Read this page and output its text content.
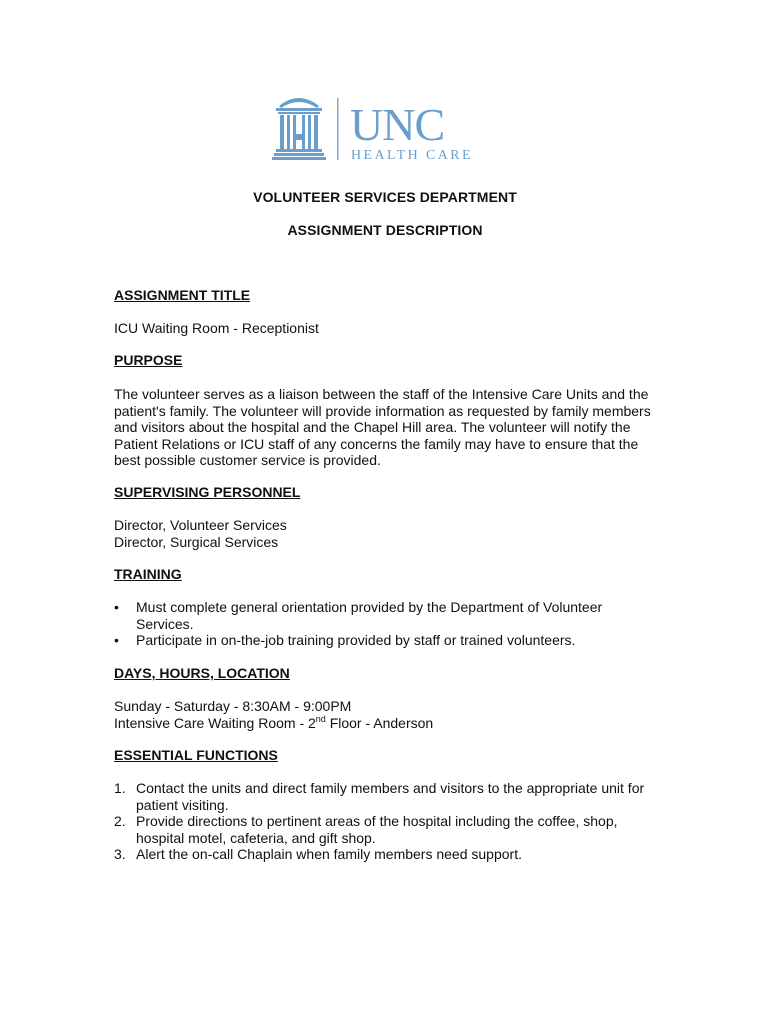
UNC
HEALTH CARE
VOLUNTEER SERVICES DEPARTMENT
ASSIGNMENT DESCRIPTION
ASSIGNMENT TITLE
ICU Waiting Room - Receptionist
PURPOSE

The volunteer serves as a liaison between the staff of the Intensive Care Units and the

patient's family. The volunteer will provide information as requested by family members

and visitors about the hospital and the Chapel Hill area. The volunteer will notify the

Patient Relations or ICU staff of any concerns the family may have to ensure that the

best possible customer service is provided.

SUPERVISING PERSONNEL

Director, Volunteer Services

Director, Surgical Services

TRAINING
• Must complete general orientation provided by the Department of Volunteer
Services.
• Participate in on-the-job training provided by staff or trained volunteers.
DAYS, HOURS, LOCATION

Sunday - Saturday - 8:30AM - 9:00PM

Intensive Care Waiting Room - 2nd Floor - Anderson

ESSENTIAL FUNCTIONS
1. Contact the units and direct family members and visitors to the appropriate unit for
patient visiting.
2. Provide directions to pertinent areas of the hospital including the coffee, shop,
hospital motel, cafeteria, and gift shop.
3. Alert the on-call Chaplain when family members need support.
